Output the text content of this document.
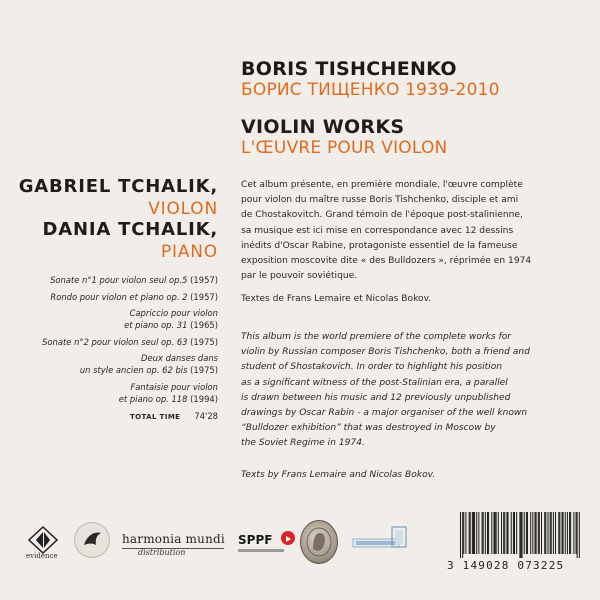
BORIS TISHCHENKO
БОРИС ТИЩЕНКО 1939-2010
VIOLIN WORKS
L'ŒUVRE POUR VIOLON
GABRIEL TCHALIK,
VIOLON
DANIA TCHALIK,
PIANO
Sonate n°1 pour violon seul op.5 (1957)
Rondo pour violon et piano op. 2 (1957)
Capriccio pour violon
et piano op. 31 (1965)
Sonate n°2 pour violon seul op. 63 (1975)
Deux danses dans
un style ancien op. 62 bis (1975)
Fantaisie pour violon
et piano op. 118 (1994)
TOTAL TIME 74'28
Cet album présente, en première mondiale, l'œuvre complète
pour violon du maître russe Boris Tishchenko, disciple et ami
de Chostakovitch. Grand témoin de l'époque post-stalinienne,
sa musique est ici mise en correspondance avec 12 dessins
inédits d'Oscar Rabine, protagoniste essentiel de la fameuse
exposition moscovite dite « des Bulldozers », réprimée en 1974
par le pouvoir soviétique.
Textes de Frans Lemaire et Nicolas Bokov.
This album is the world premiere of the complete works for
violin by Russian composer Boris Tishchenko, both a friend and
student of Shostakovich. In order to highlight his position
as a significant witness of the post-Stalinian era, a parallel
is drawn between his music and 12 previously unpublished
drawings by Oscar Rabin - a major organiser of the well known
“Bulldozer exhibition” that was destroyed in Moscow by
the Soviet Regime in 1974.
Texts by Frans Lemaire and Nicolas Bokov.
evidence
harmonia mundi
distribution
SPPF
3 149028 073225
